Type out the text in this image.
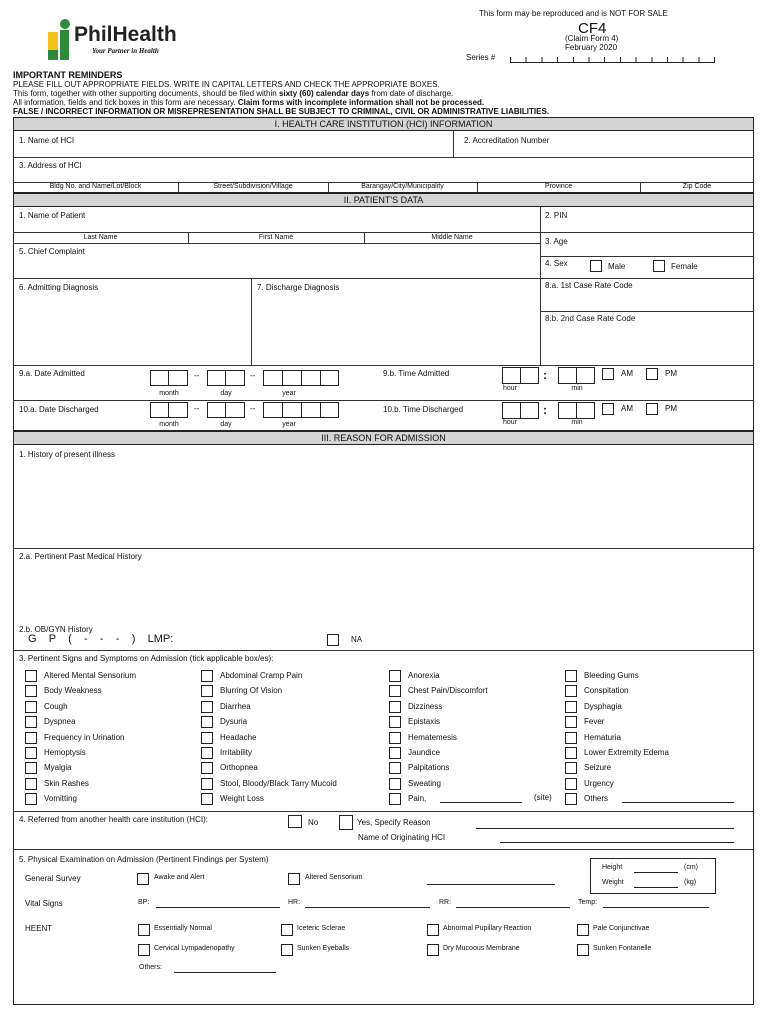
PhilHealth
Your Partner in Health
This form may be reproduced and is NOT FOR SALE
CF4
(Claim Form 4)
February 2020
Series #
IMPORTANT REMINDERS
PLEASE FILL OUT APPROPRIATE FIELDS. WRITE IN CAPITAL LETTERS AND CHECK THE APPROPRIATE BOXES.
This form, together with other supporting documents, should be filed within sixty (60) calendar days from date of discharge.
All information, fields and tick boxes in this form are necessary. Claim forms with incomplete information shall not be processed.
FALSE / INCORRECT INFORMATION OR MISREPRESENTATION SHALL BE SUBJECT TO CRIMINAL, CIVIL OR ADMINISTRATIVE LIABILITIES.
I. HEALTH CARE INSTITUTION (HCI) INFORMATION
1. Name of HCI	2. Accreditation Number
3. Address of HCI
Bldg No. and Name/Lot/Block	Street/Subdivision/Village	Barangay/City/Municipality	Province	Zip Code
II. PATIENT'S DATA
1. Name of Patient
Last Name	First Name	Middle Name
2. PIN
3. Age
5. Chief Complaint
4. Sex	Male	Female
6. Admitting Diagnosis	7. Discharge Diagnosis	8.a. 1st Case Rate Code
8.b. 2nd Case Rate Code
9.a. Date Admitted	--	--
month	day	year
9.b. Time Admitted	:
hour	min
AM	PM
10.a. Date Discharged	--	--
month	day	year
10.b. Time Discharged	:
hour	min
AM	PM
III. REASON FOR ADMISSION
1. History of present illness
2.a. Pertinent Past Medical History
2.b. OB/GYN History
G    P    (    -    -    -    )    LMP:	NA
3. Pertinent Signs and Symptoms on Admission (tick applicable box/es):
Altered Mental Sensorium	Abdominal Cramp Pain	Anorexia	Bleeding Gums
Body Weakness	Blurring Of Vision	Chest Pain/Discomfort	Conspitation
Cough	Diarrhea	Dizziness	Dysphagia
Dyspnea	Dysuria	Epistaxis	Fever
Frequency in Urination	Headache	Hematemesis	Hematuria
Hemoptysis	Irritability	Jaundice	Lower Extremity Edema
Myalgia	Orthopnea	Palpitations	Seizure
Skin Rashes	Stool, Bloody/Black Tarry Mucoid	Sweating	Urgency
Vomitting	Weight Loss	Pain,	Others
(site)
4. Referred from another health care institution (HCI):	No	Yes, Specify Reason
Name of Originating HCI
5. Physical Examination on Admission (Pertinent Findings per System)
Height	(cm)
Weight	(kg)
General Survey	Awake and Alert	Altered Sensorium
Vital Signs	BP:	HR:	RR:	Temp:
HEENT	Essentially Normal	Iceteric Sclerae	Abnormal Pupillary Reaction	Pale Conjunctivae
Cervical Lympadenopathy	Sunken Eyeballs	Dry Mucoous Membrane	Sunken Fontanelle
Others:
